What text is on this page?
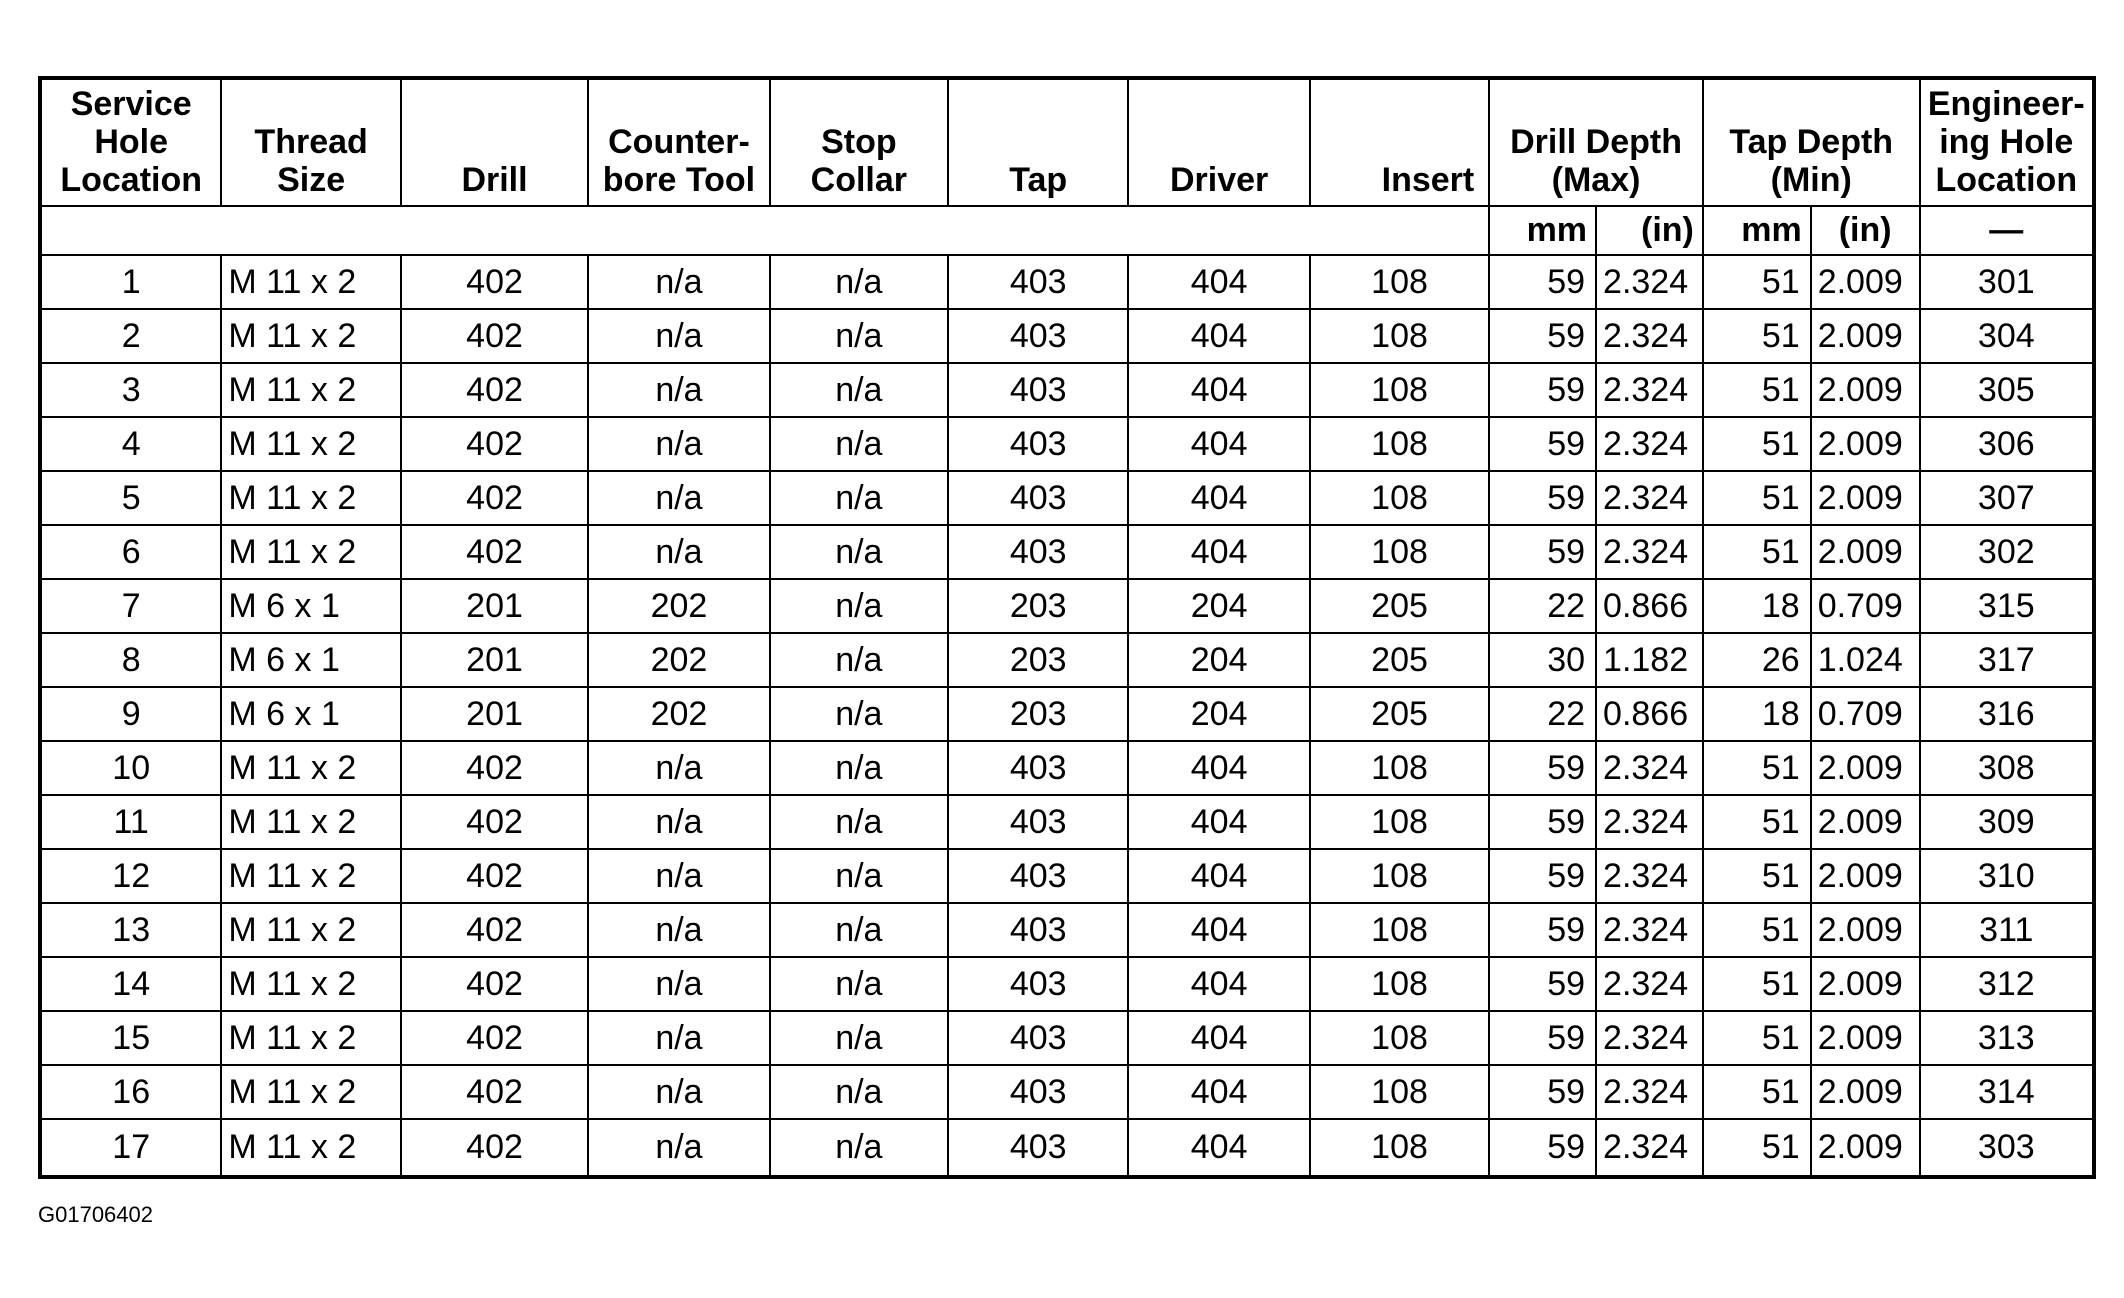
Service Hole Location	Thread Size	Drill	Counter-bore Tool	Stop Collar	Tap	Driver	Insert	Drill Depth (Max)		Tap Depth (Min)		Engineer-ing Hole Location
								mm	(in)	mm	(in)	—
1	M 11 x 2	402	n/a	n/a	403	404	108	59	2.324	51	2.009	301
2	M 11 x 2	402	n/a	n/a	403	404	108	59	2.324	51	2.009	304
3	M 11 x 2	402	n/a	n/a	403	404	108	59	2.324	51	2.009	305
4	M 11 x 2	402	n/a	n/a	403	404	108	59	2.324	51	2.009	306
5	M 11 x 2	402	n/a	n/a	403	404	108	59	2.324	51	2.009	307
6	M 11 x 2	402	n/a	n/a	403	404	108	59	2.324	51	2.009	302
7	M 6 x 1	201	202	n/a	203	204	205	22	0.866	18	0.709	315
8	M 6 x 1	201	202	n/a	203	204	205	30	1.182	26	1.024	317
9	M 6 x 1	201	202	n/a	203	204	205	22	0.866	18	0.709	316
10	M 11 x 2	402	n/a	n/a	403	404	108	59	2.324	51	2.009	308
11	M 11 x 2	402	n/a	n/a	403	404	108	59	2.324	51	2.009	309
12	M 11 x 2	402	n/a	n/a	403	404	108	59	2.324	51	2.009	310
13	M 11 x 2	402	n/a	n/a	403	404	108	59	2.324	51	2.009	311
14	M 11 x 2	402	n/a	n/a	403	404	108	59	2.324	51	2.009	312
15	M 11 x 2	402	n/a	n/a	403	404	108	59	2.324	51	2.009	313
16	M 11 x 2	402	n/a	n/a	403	404	108	59	2.324	51	2.009	314
17	M 11 x 2	402	n/a	n/a	403	404	108	59	2.324	51	2.009	303
G01706402
